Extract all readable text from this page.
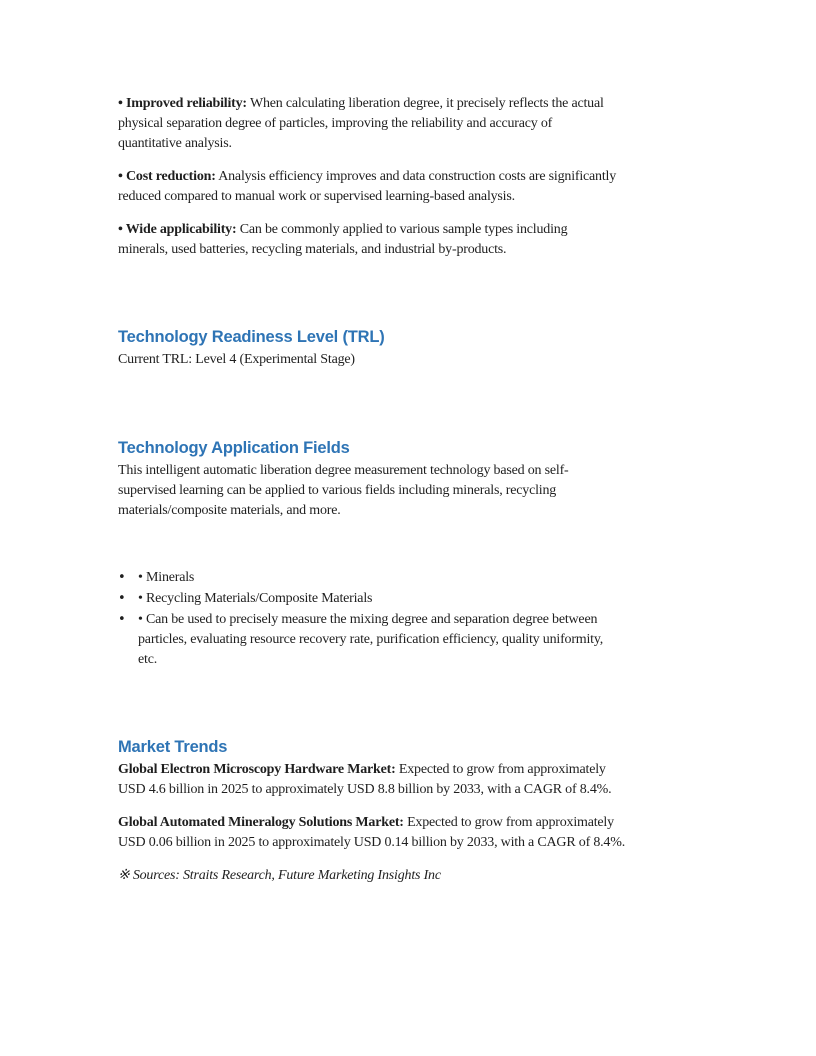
• Improved reliability: When calculating liberation degree, it precisely reflects the actual
physical separation degree of particles, improving the reliability and accuracy of
quantitative analysis.
• Cost reduction: Analysis efficiency improves and data construction costs are significantly
reduced compared to manual work or supervised learning-based analysis.
• Wide applicability: Can be commonly applied to various sample types including
minerals, used batteries, recycling materials, and industrial by-products.
Technology Readiness Level (TRL)
Current TRL: Level 4 (Experimental Stage)
Technology Application Fields
This intelligent automatic liberation degree measurement technology based on self-
supervised learning can be applied to various fields including minerals, recycling
materials/composite materials, and more.
• • Minerals
• • Recycling Materials/Composite Materials
• • Can be used to precisely measure the mixing degree and separation degree between
particles, evaluating resource recovery rate, purification efficiency, quality uniformity,
etc.
Market Trends
Global Electron Microscopy Hardware Market: Expected to grow from approximately
USD 4.6 billion in 2025 to approximately USD 8.8 billion by 2033, with a CAGR of 8.4%.
Global Automated Mineralogy Solutions Market: Expected to grow from approximately
USD 0.06 billion in 2025 to approximately USD 0.14 billion by 2033, with a CAGR of 8.4%.
※ Sources: Straits Research, Future Marketing Insights Inc
